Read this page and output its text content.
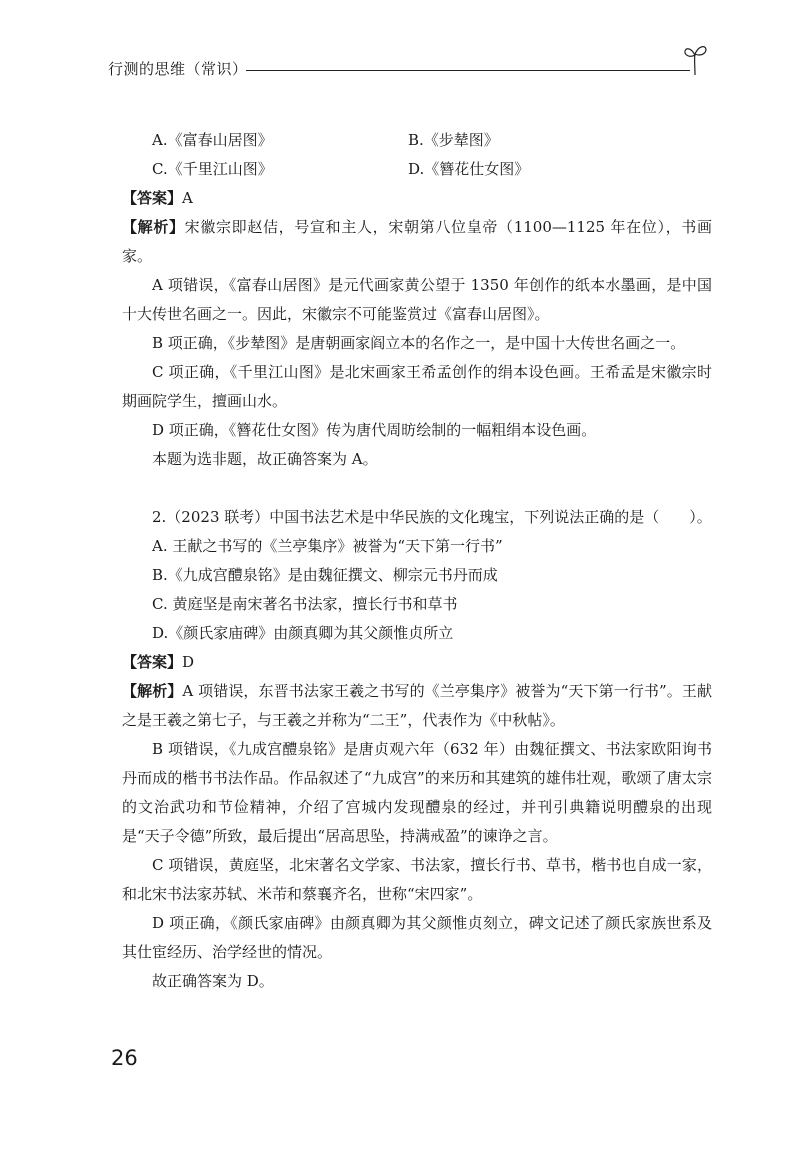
行测的思维（常识）
A.《富春山居图》	B.《步辇图》
C.《千里江山图》	D.《簪花仕女图》

【答案】A

【解析】宋徽宗即赵佶，号宣和主人，宋朝第八位皇帝（1100—1125 年在位），书画家。

A 项错误，《富春山居图》是元代画家黄公望于 1350 年创作的纸本水墨画，是中国十大传世名画之一。因此，宋徽宗不可能鉴赏过《富春山居图》。

B 项正确，《步辇图》是唐朝画家阎立本的名作之一，是中国十大传世名画之一。

C 项正确，《千里江山图》是北宋画家王希孟创作的绢本设色画。王希孟是宋徽宗时期画院学生，擅画山水。

D 项正确，《簪花仕女图》传为唐代周昉绘制的一幅粗绢本设色画。

本题为选非题，故正确答案为 A。

2.（2023 联考）中国书法艺术是中华民族的文化瑰宝，下列说法正确的是（　　）。

A. 王献之书写的《兰亭集序》被誉为“天下第一行书”
B.《九成宫醴泉铭》是由魏征撰文、柳宗元书丹而成
C. 黄庭坚是南宋著名书法家，擅长行书和草书
D.《颜氏家庙碑》由颜真卿为其父颜惟贞所立

【答案】D

【解析】A 项错误，东晋书法家王羲之书写的《兰亭集序》被誉为“天下第一行书”。王献之是王羲之第七子，与王羲之并称为“二王”，代表作为《中秋帖》。

B 项错误，《九成宫醴泉铭》是唐贞观六年（632 年）由魏征撰文、书法家欧阳询书丹而成的楷书书法作品。作品叙述了“九成宫”的来历和其建筑的雄伟壮观，歌颂了唐太宗的文治武功和节俭精神，介绍了宫城内发现醴泉的经过，并刊引典籍说明醴泉的出现是“天子令德”所致，最后提出“居高思坠，持满戒盈”的谏诤之言。

C 项错误，黄庭坚，北宋著名文学家、书法家，擅长行书、草书，楷书也自成一家，和北宋书法家苏轼、米芾和蔡襄齐名，世称“宋四家”。

D 项正确，《颜氏家庙碑》由颜真卿为其父颜惟贞刻立，碑文记述了颜氏家族世系及其仕宦经历、治学经世的情况。

故正确答案为 D。

26
